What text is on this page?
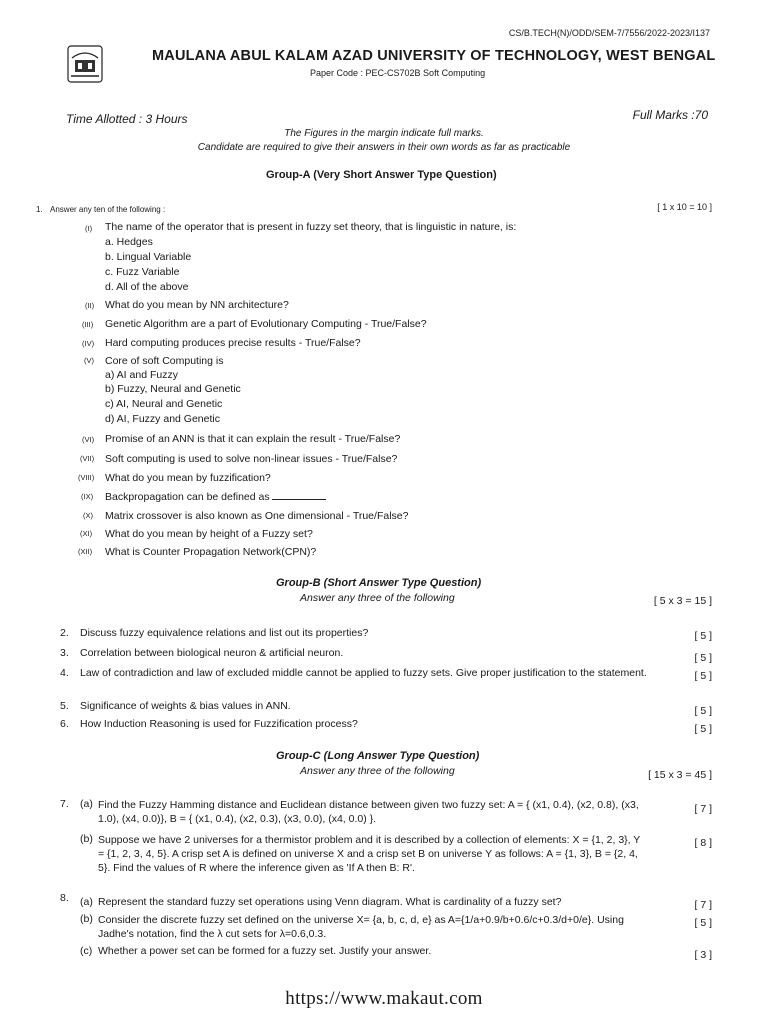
CS/B.TECH(N)/ODD/SEM-7/7556/2022-2023/I137
MAULANA ABUL KALAM AZAD UNIVERSITY OF TECHNOLOGY, WEST BENGAL
Paper Code : PEC-CS702B Soft Computing
Time Allotted : 3 Hours	Full Marks :70
The Figures in the margin indicate full marks.
Candidate are required to give their answers in their own words as far as practicable
Group-A (Very Short Answer Type Question)
1. Answer any ten of the following :	[ 1 x 10 = 10 ]
(I) The name of the operator that is present in fuzzy set theory, that is linguistic in nature, is:
a. Hedges
b. Lingual Variable
c. Fuzz Variable
d. All of the above
(II) What do you mean by NN architecture?
(III) Genetic Algorithm are a part of Evolutionary Computing - True/False?
(IV) Hard computing produces precise results - True/False?
(V) Core of soft Computing is
a) AI and Fuzzy
b) Fuzzy, Neural and Genetic
c) AI, Neural and Genetic
d) AI, Fuzzy and Genetic
(VI) Promise of an ANN is that it can explain the result - True/False?
(VII) Soft computing is used to solve non-linear issues - True/False?
(VIII) What do you mean by fuzzification?
(IX) Backpropagation can be defined as
(X) Matrix crossover is also known as One dimensional - True/False?
(XI) What do you mean by height of a Fuzzy set?
(XII) What is Counter Propagation Network(CPN)?
Group-B (Short Answer Type Question)
Answer any three of the following	[ 5 x 3 = 15 ]
2. Discuss fuzzy equivalence relations and list out its properties?	[ 5 ]
3. Correlation between biological neuron & artificial neuron.	[ 5 ]
4. Law of contradiction and law of excluded middle cannot be applied to fuzzy sets. Give proper justification to the statement.	[ 5 ]
5. Significance of weights & bias values in ANN.	[ 5 ]
6. How Induction Reasoning is used for Fuzzification process?	[ 5 ]
Group-C (Long Answer Type Question)
Answer any three of the following	[ 15 x 3 = 45 ]
7. (a) Find the Fuzzy Hamming distance and Euclidean distance between given two fuzzy set: A = { (x1, 0.4), (x2, 0.8), (x3, 1.0), (x4, 0.0)}, B = { (x1, 0.4), (x2, 0.3), (x3, 0.0), (x4, 0.0) }.
[ 7 ]
(b) Suppose we have 2 universes for a thermistor problem and it is described by a collection of elements: X = {1, 2, 3}, Y = {1, 2, 3, 4, 5}. A crisp set A is defined on universe X and a crisp set B on universe Y as follows: A = {1, 3}, B = {2, 4, 5}. Find the values of R where the inference given as 'If A then B: R'.
[ 8 ]
8. (a) Represent the standard fuzzy set operations using Venn diagram. What is cardinality of a fuzzy set?	[ 7 ]
(b) Consider the discrete fuzzy set defined on the universe X= {a, b, c, d, e} as A={1/a+0.9/b+0.6/c+0.3/d+0/e}. Using Jadhe's notation, find the λ cut sets for λ=0.6,0.3.
[ 5 ]
(c) Whether a power set can be formed for a fuzzy set. Justify your answer.	[ 3 ]
https://www.makaut.com
